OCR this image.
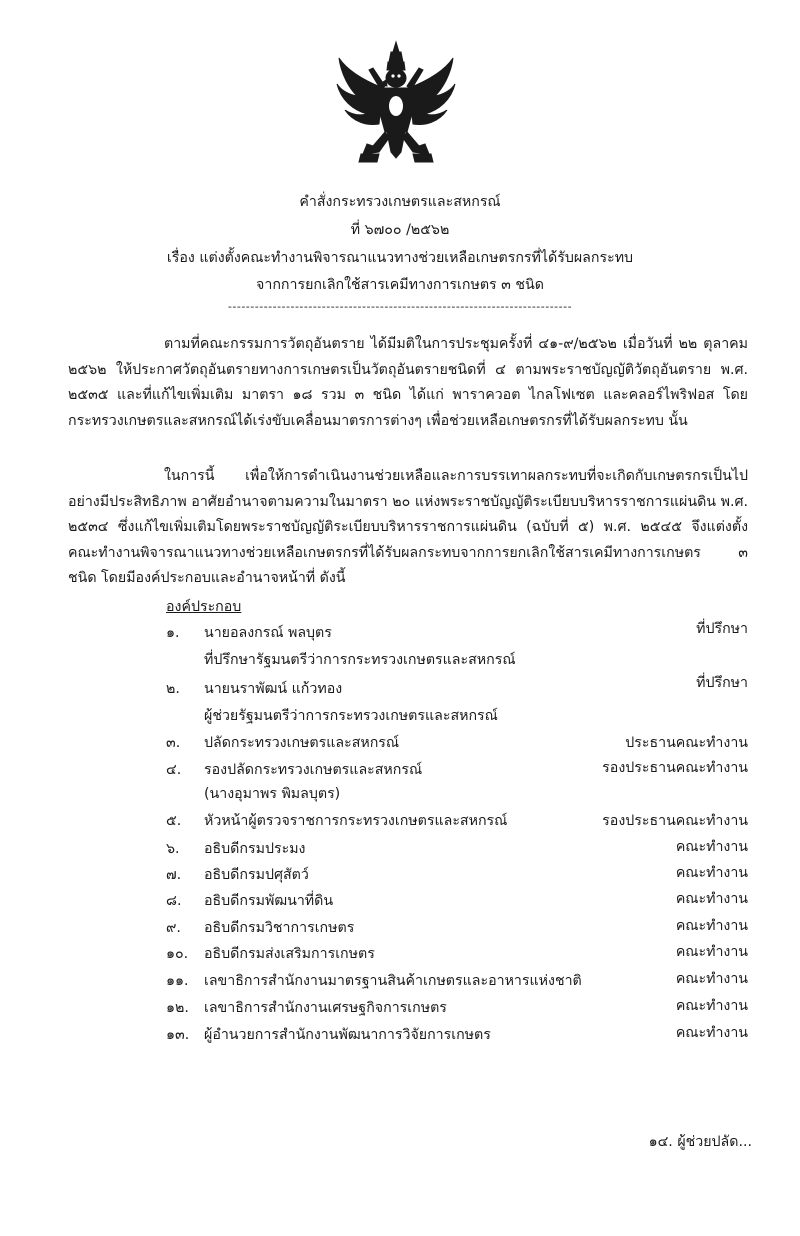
คำสั่งกระทรวงเกษตรและสหกรณ์
ที่ ๖๗๐๐ /๒๕๖๒
เรื่อง แต่งตั้งคณะทำงานพิจารณาแนวทางช่วยเหลือเกษตรกรที่ได้รับผลกระทบ
จากการยกเลิกใช้สารเคมีทางการเกษตร ๓ ชนิด
-----------------------------------------------------------------------------
ตามที่คณะกรรมการวัตถุอันตราย ได้มีมติในการประชุมครั้งที่ ๔๑-๙/๒๕๖๒ เมื่อวันที่ ๒๒ ตุลาคม ๒๕๖๒ ให้ประกาศวัตถุอันตรายทางการเกษตรเป็นวัตถุอันตรายชนิดที่ ๔ ตามพระราชบัญญัติวัตถุอันตราย พ.ศ. ๒๕๓๕ และที่แก้ไขเพิ่มเติม มาตรา ๑๘ รวม ๓ ชนิด ได้แก่ พาราควอต ไกลโฟเซต และคลอร์ไพริฟอส โดยกระทรวงเกษตรและสหกรณ์ได้เร่งขับเคลื่อนมาตรการต่างๆ เพื่อช่วยเหลือเกษตรกรที่ได้รับผลกระทบ นั้น
ในการนี้ เพื่อให้การดำเนินงานช่วยเหลือและการบรรเทาผลกระทบที่จะเกิดกับเกษตรกรเป็นไปอย่างมีประสิทธิภาพ อาศัยอำนาจตามความในมาตรา ๒๐ แห่งพระราชบัญญัติระเบียบบริหารราชการแผ่นดิน พ.ศ. ๒๕๓๔ ซึ่งแก้ไขเพิ่มเติมโดยพระราชบัญญัติระเบียบบริหารราชการแผ่นดิน (ฉบับที่ ๕) พ.ศ. ๒๕๔๕ จึงแต่งตั้งคณะทำงานพิจารณาแนวทางช่วยเหลือเกษตรกรที่ได้รับผลกระทบจากการยกเลิกใช้สารเคมีทางการเกษตร ๓ ชนิด โดยมีองค์ประกอบและอำนาจหน้าที่ ดังนี้
องค์ประกอบ
๑. นายอลงกรณ์ พลบุตร	ที่ปรึกษา
ที่ปรึกษารัฐมนตรีว่าการกระทรวงเกษตรและสหกรณ์
๒. นายนราพัฒน์ แก้วทอง	ที่ปรึกษา
ผู้ช่วยรัฐมนตรีว่าการกระทรวงเกษตรและสหกรณ์
๓. ปลัดกระทรวงเกษตรและสหกรณ์	ประธานคณะทำงาน
๔. รองปลัดกระทรวงเกษตรและสหกรณ์	รองประธานคณะทำงาน
(นางอุมาพร พิมลบุตร)
๕. หัวหน้าผู้ตรวจราชการกระทรวงเกษตรและสหกรณ์	รองประธานคณะทำงาน
๖. อธิบดีกรมประมง	คณะทำงาน
๗. อธิบดีกรมปศุสัตว์	คณะทำงาน
๘. อธิบดีกรมพัฒนาที่ดิน	คณะทำงาน
๙. อธิบดีกรมวิชาการเกษตร	คณะทำงาน
๑๐. อธิบดีกรมส่งเสริมการเกษตร	คณะทำงาน
๑๑. เลขาธิการสำนักงานมาตรฐานสินค้าเกษตรและอาหารแห่งชาติ	คณะทำงาน
๑๒. เลขาธิการสำนักงานเศรษฐกิจการเกษตร	คณะทำงาน
๑๓. ผู้อำนวยการสำนักงานพัฒนาการวิจัยการเกษตร	คณะทำงาน
๑๔. ผู้ช่วยปลัด...
